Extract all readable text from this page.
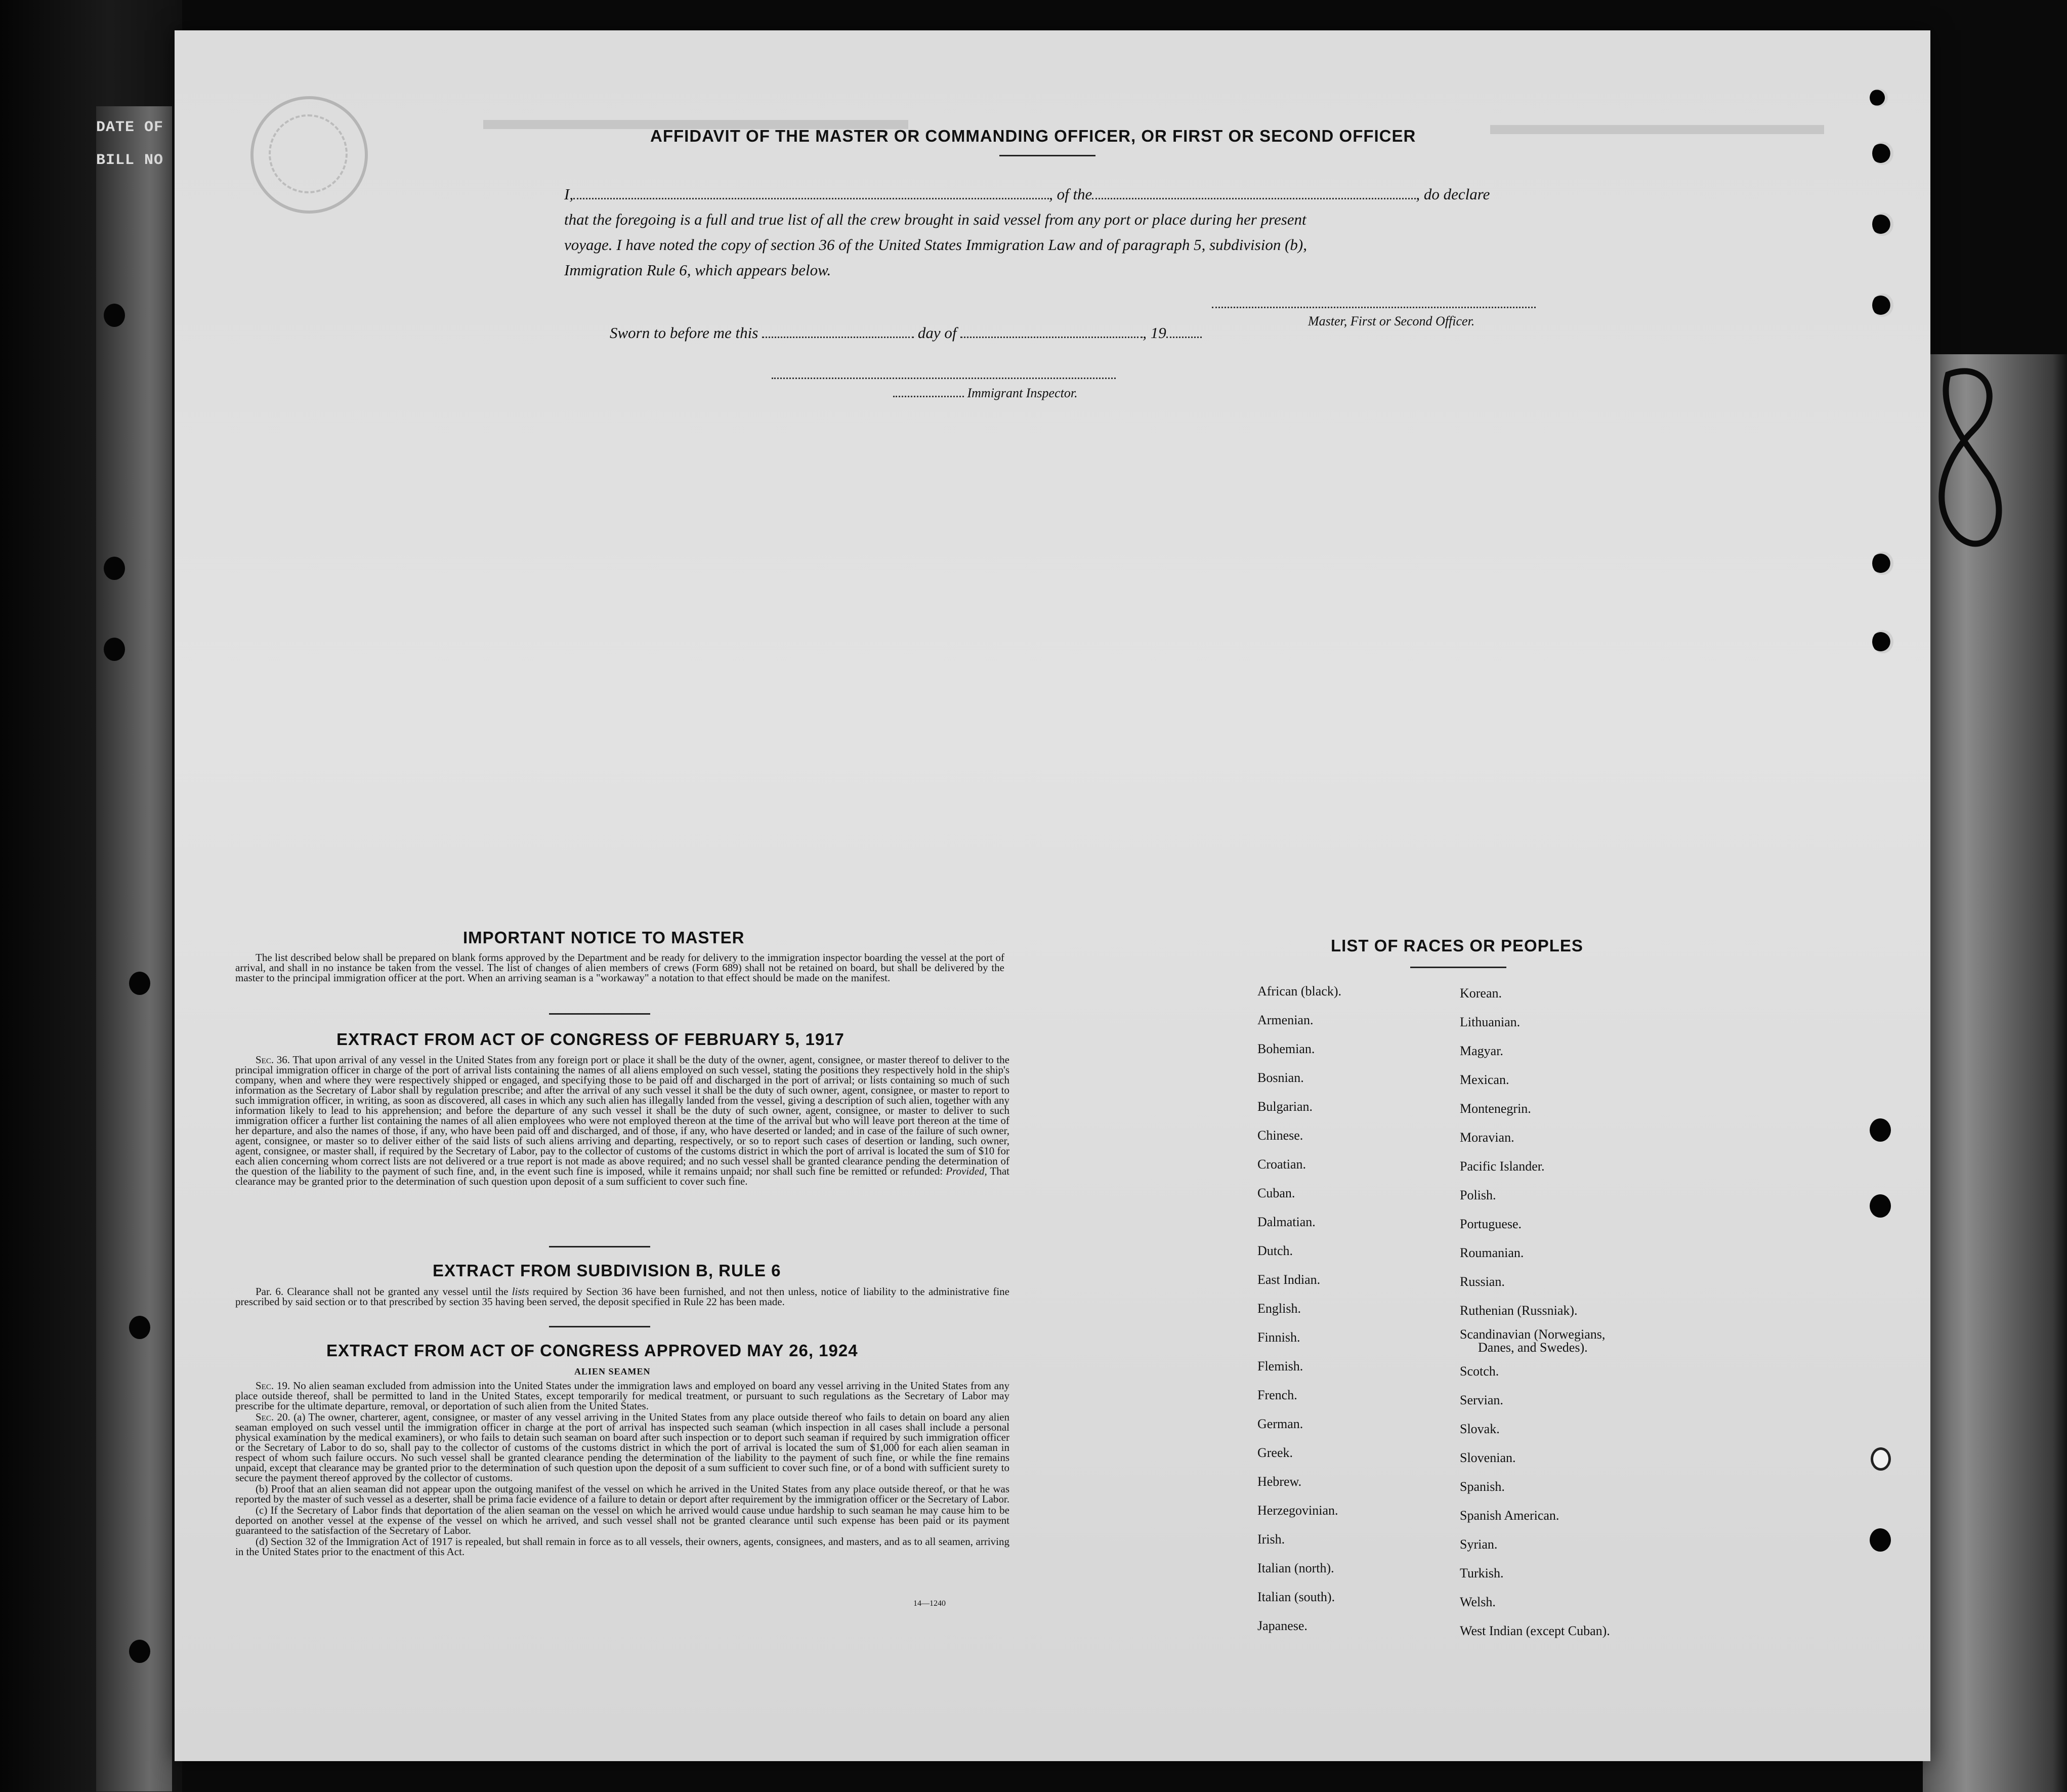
DATE OF
BILL NO
▬▬▬▬▬▬▬▬▬▬▬▬▬▬	▬▬▬▬▬▬▬▬▬▬▬
AFFIDAVIT OF THE MASTER OR COMMANDING OFFICER, OR FIRST OR SECOND OFFICER
I,	, of the	, do declare
that the foregoing is a full and true list of all the crew brought in said vessel from any port or place during her present
voyage. I have noted the copy of section 36 of the United States Immigration Law and of paragraph 5, subdivision (b),
Immigration Rule 6, which appears below.
Master, First or Second Officer.
Sworn to before me this	day of	, 19
Immigrant Inspector.
IMPORTANT NOTICE TO MASTER

The list described below shall be prepared on blank forms approved by the Department and be ready for delivery to the immigration inspector boarding the vessel at the port of arrival, and shall in no instance be taken from the vessel. The list of changes of alien members of crews (Form 689) shall not be retained on board, but shall be delivered by the master to the principal immigration officer at the port. When an arriving seaman is a "workaway" a notation to that effect should be made on the manifest.

EXTRACT FROM ACT OF CONGRESS OF FEBRUARY 5, 1917

Sec. 36. That upon arrival of any vessel in the United States from any foreign port or place it shall be the duty of the owner, agent, consignee, or master thereof to deliver to the principal immigration officer in charge of the port of arrival lists containing the names of all aliens employed on such vessel, stating the positions they respectively hold in the ship's company, when and where they were respectively shipped or engaged, and specifying those to be paid off and discharged in the port of arrival; or lists containing so much of such information as the Secretary of Labor shall by regulation prescribe; and after the arrival of any such vessel it shall be the duty of such owner, agent, consignee, or master to report to such immigration officer, in writing, as soon as discovered, all cases in which any such alien has illegally landed from the vessel, giving a description of such alien, together with any information likely to lead to his apprehension; and before the departure of any such vessel it shall be the duty of such owner, agent, consignee, or master to deliver to such immigration officer a further list containing the names of all alien employees who were not employed thereon at the time of the arrival but who will leave port thereon at the time of her departure, and also the names of those, if any, who have been paid off and discharged, and of those, if any, who have deserted or landed; and in case of the failure of such owner, agent, consignee, or master so to deliver either of the said lists of such aliens arriving and departing, respectively, or so to report such cases of desertion or landing, such owner, agent, consignee, or master shall, if required by the Secretary of Labor, pay to the collector of customs of the customs district in which the port of arrival is located the sum of $10 for each alien concerning whom correct lists are not delivered or a true report is not made as above required; and no such vessel shall be granted clearance pending the determination of the question of the liability to the payment of such fine, and, in the event such fine is imposed, while it remains unpaid; nor shall such fine be remitted or refunded: Provided, That clearance may be granted prior to the determination of such question upon deposit of a sum sufficient to cover such fine.

EXTRACT FROM SUBDIVISION B, RULE 6

Par. 6. Clearance shall not be granted any vessel until the lists required by Section 36 have been furnished, and not then unless, notice of liability to the administrative fine prescribed by said section or to that prescribed by section 35 having been served, the deposit specified in Rule 22 has been made.

EXTRACT FROM ACT OF CONGRESS APPROVED MAY 26, 1924
ALIEN SEAMEN

Sec. 19. No alien seaman excluded from admission into the United States under the immigration laws and employed on board any vessel arriving in the United States from any place outside thereof, shall be permitted to land in the United States, except temporarily for medical treatment, or pursuant to such regulations as the Secretary of Labor may prescribe for the ultimate departure, removal, or deportation of such alien from the United States.

Sec. 20. (a) The owner, charterer, agent, consignee, or master of any vessel arriving in the United States from any place outside thereof who fails to detain on board any alien seaman employed on such vessel until the immigration officer in charge at the port of arrival has inspected such seaman (which inspection in all cases shall include a personal physical examination by the medical examiners), or who fails to detain such seaman on board after such inspection or to deport such seaman if required by such immigration officer or the Secretary of Labor to do so, shall pay to the collector of customs of the customs district in which the port of arrival is located the sum of $1,000 for each alien seaman in respect of whom such failure occurs. No such vessel shall be granted clearance pending the determination of the liability to the payment of such fine, or while the fine remains unpaid, except that clearance may be granted prior to the determination of such question upon the deposit of a sum sufficient to cover such fine, or of a bond with sufficient surety to secure the payment thereof approved by the collector of customs.

(b) Proof that an alien seaman did not appear upon the outgoing manifest of the vessel on which he arrived in the United States from any place outside thereof, or that he was reported by the master of such vessel as a deserter, shall be prima facie evidence of a failure to detain or deport after requirement by the immigration officer or the Secretary of Labor.

(c) If the Secretary of Labor finds that deportation of the alien seaman on the vessel on which he arrived would cause undue hardship to such seaman he may cause him to be deported on another vessel at the expense of the vessel on which he arrived, and such vessel shall not be granted clearance until such expense has been paid or its payment guaranteed to the satisfaction of the Secretary of Labor.

(d) Section 32 of the Immigration Act of 1917 is repealed, but shall remain in force as to all vessels, their owners, agents, consignees, and masters, and as to all seamen, arriving in the United States prior to the enactment of this Act.

14—1240
LIST OF RACES OR PEOPLES
African (black).
Armenian.
Bohemian.
Bosnian.
Bulgarian.
Chinese.
Croatian.
Cuban.
Dalmatian.
Dutch.
East Indian.
English.
Finnish.
Flemish.
French.
German.
Greek.
Hebrew.
Herzegovinian.
Irish.
Italian (north).
Italian (south).
Japanese.
Korean.
Lithuanian.
Magyar.
Mexican.
Montenegrin.
Moravian.
Pacific Islander.
Polish.
Portuguese.
Roumanian.
Russian.
Ruthenian (Russniak).
Scandinavian (Norwegians,
Danes, and Swedes).
Scotch.
Servian.
Slovak.
Slovenian.
Spanish.
Spanish American.
Syrian.
Turkish.
Welsh.
West Indian (except Cuban).
